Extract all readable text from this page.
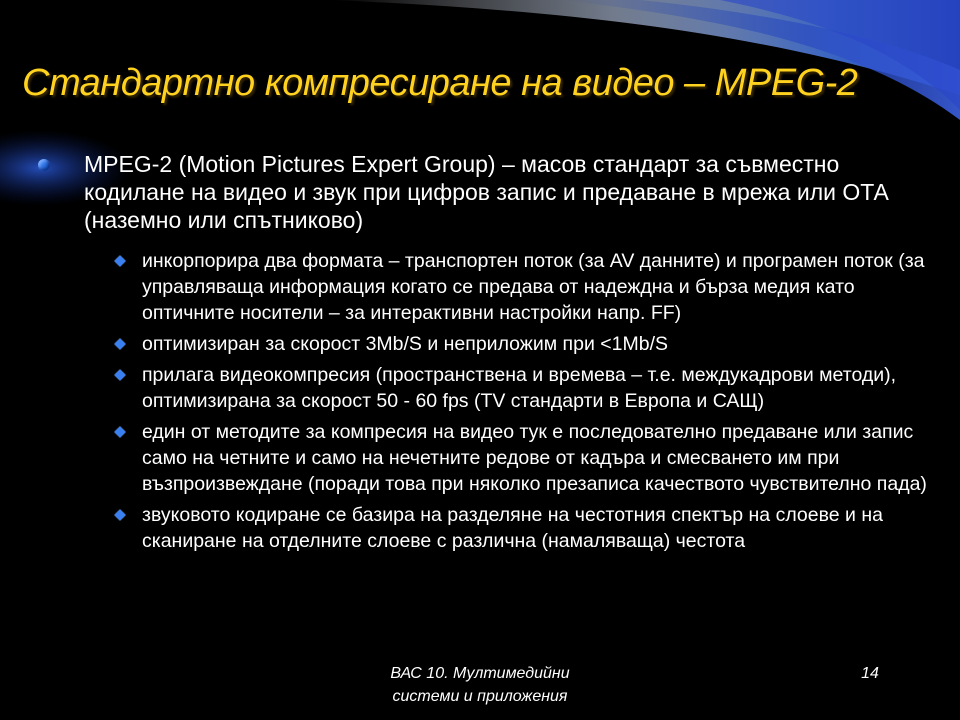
Стандартно компресиране на видео – MPEG-2

MPEG-2 (Motion Pictures Expert Group) – масов стандарт за съвместно кодилане на видео и звук при цифров запис и предаване в мрежа или ОТА (наземно или спътниково)

инкорпорира два формата – транспортен поток (за AV данните) и програмен поток (за управляваща информация когато се предава от надеждна и бърза медия като оптичните носители – за интерактивни настройки напр. FF)
оптимизиран за скорост 3Mb/S и неприложим при <1Mb/S
прилага видеокомпресия (пространствена и времева – т.е. междукадрови методи), оптимизирана за скорост 50 - 60 fps (TV стандарти в Европа и САЩ)
един от методите за компресия на видео тук е последователно предаване или запис само на четните и само на нечетните редове от кадъра и смесването им при възпроизвеждане (поради това при няколко презаписа качеството чувствително пада)
звуковото кодиране се базира на разделяне на честотния спектър на слоеве и на сканиране на отделните слоеве с различна (намаляваща) честота
ВАС 10. Мултимедийни
системи и приложения
14
